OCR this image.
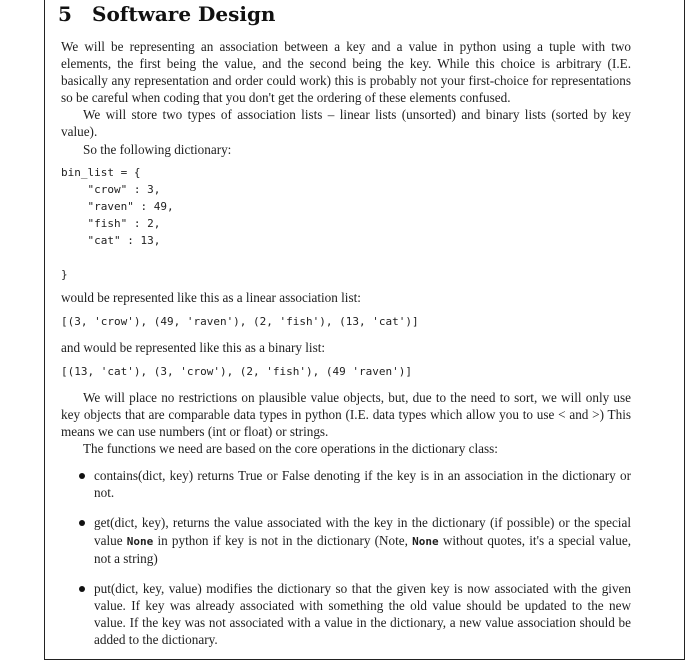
5 Software Design

We will be representing an association between a key and a value in python using a tuple with two elements, the first being the value, and the second being the key. While this choice is arbitrary (I.E. basically any representation and order could work) this is probably not your first-choice for representations so be careful when coding that you don't get the ordering of these elements confused.

We will store two types of association lists – linear lists (unsorted) and binary lists (sorted by key value).

So the following dictionary:

bin_list = {
"crow" : 3,
"raven" : 49,
"fish" : 2,
"cat" : 13,

}

would be represented like this as a linear association list:

[(3, 'crow'), (49, 'raven'), (2, 'fish'), (13, 'cat')]

and would be represented like this as a binary list:

[(13, 'cat'), (3, 'crow'), (2, 'fish'), (49 'raven')]

We will place no restrictions on plausible value objects, but, due to the need to sort, we will only use key objects that are comparable data types in python (I.E. data types which allow you to use < and >) This means we can use numbers (int or float) or strings.

The functions we need are based on the core operations in the dictionary class:

contains(dict, key) returns True or False denoting if the key is in an association in the dictionary or not.
get(dict, key), returns the value associated with the key in the dictionary (if possible) or the special value None in python if key is not in the dictionary (Note, None without quotes, it's a special value, not a string)
put(dict, key, value) modifies the dictionary so that the given key is now associated with the given value. If key was already associated with something the old value should be updated to the new value. If the key was not associated with a value in the dictionary, a new value association should be added to the dictionary.
